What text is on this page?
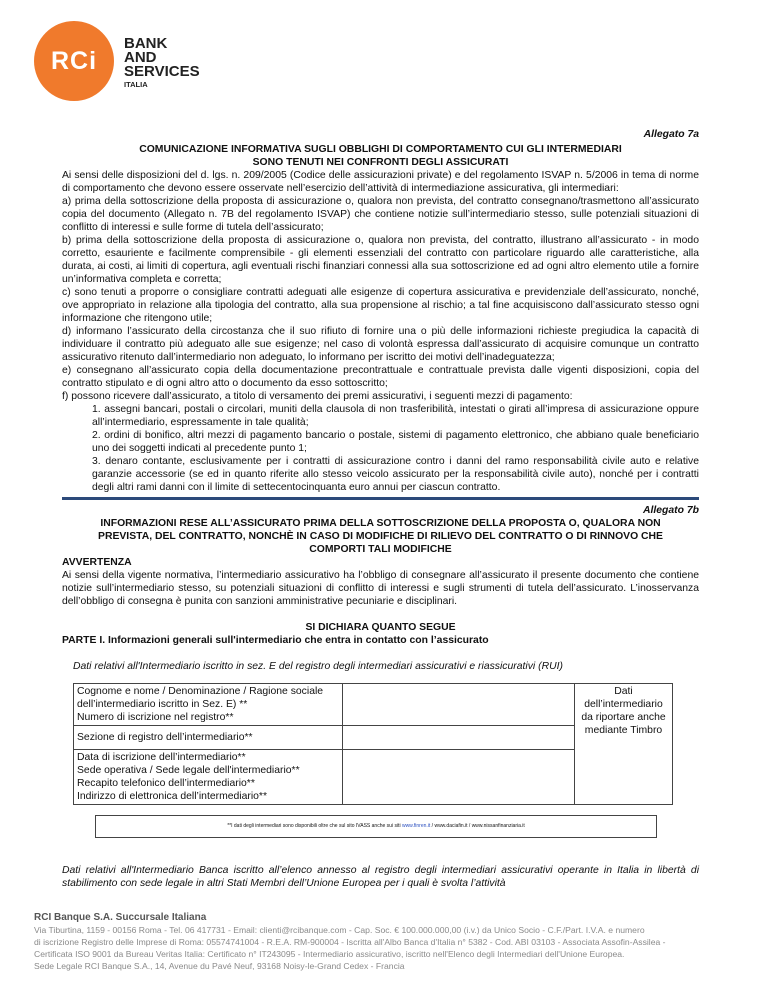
RCi
BANK
AND
SERVICES
ITALIA
Allegato 7a
COMUNICAZIONE INFORMATIVA SUGLI OBBLIGHI DI COMPORTAMENTO CUI GLI INTERMEDIARI
SONO TENUTI NEI CONFRONTI DEGLI ASSICURATI

Ai sensi delle disposizioni del d. lgs. n. 209/2005 (Codice delle assicurazioni private) e del regolamento ISVAP n. 5/2006 in tema di norme di comportamento che devono essere osservate nell’esercizio dell’attività di intermediazione assicurativa, gli intermediari:

a) prima della sottoscrizione della proposta di assicurazione o, qualora non prevista, del contratto consegnano/trasmettono all’assicurato copia del documento (Allegato n. 7B del regolamento ISVAP) che contiene notizie sull’intermediario stesso, sulle potenziali situazioni di conflitto di interessi e sulle forme di tutela dell’assicurato;

b) prima della sottoscrizione della proposta di assicurazione o, qualora non prevista, del contratto, illustrano all’assicurato - in modo corretto, esauriente e facilmente comprensibile - gli elementi essenziali del contratto con particolare riguardo alle caratteristiche, alla durata, ai costi, ai limiti di copertura, agli eventuali rischi finanziari connessi alla sua sottoscrizione ed ad ogni altro elemento utile a fornire un’informativa completa e corretta;

c) sono tenuti a proporre o consigliare contratti adeguati alle esigenze di copertura assicurativa e previdenziale dell’assicurato, nonché, ove appropriato in relazione alla tipologia del contratto, alla sua propensione al rischio; a tal fine acquisiscono dall’assicurato stesso ogni informazione che ritengono utile;

d) informano l’assicurato della circostanza che il suo rifiuto di fornire una o più delle informazioni richieste pregiudica la capacità di individuare il contratto più adeguato alle sue esigenze; nel caso di volontà espressa dall’assicurato di acquisire comunque un contratto assicurativo ritenuto dall’intermediario non adeguato, lo informano per iscritto dei motivi dell’inadeguatezza;

e) consegnano all’assicurato copia della documentazione precontrattuale e contrattuale prevista dalle vigenti disposizioni, copia del contratto stipulato e di ogni altro atto o documento da esso sottoscritto;

f) possono ricevere dall’assicurato, a titolo di versamento dei premi assicurativi, i seguenti mezzi di pagamento:

1. assegni bancari, postali o circolari, muniti della clausola di non trasferibilità, intestati o girati all’impresa di assicurazione oppure all’intermediario, espressamente in tale qualità;

2. ordini di bonifico, altri mezzi di pagamento bancario o postale, sistemi di pagamento elettronico, che abbiano quale beneficiario uno dei soggetti indicati al precedente punto 1;

3. denaro contante, esclusivamente per i contratti di assicurazione contro i danni del ramo responsabilità civile auto e relative garanzie accessorie (se ed in quanto riferite allo stesso veicolo assicurato per la responsabilità civile auto), nonché per i contratti degli altri rami danni con il limite di settecentocinquanta euro annui per ciascun contratto.

Allegato 7b
INFORMAZIONI RESE ALL’ASSICURATO PRIMA DELLA SOTTOSCRIZIONE DELLA PROPOSTA O, QUALORA NON PREVISTA, DEL CONTRATTO, NONCHÈ IN CASO DI MODIFICHE DI RILIEVO DEL CONTRATTO O DI RINNOVO CHE COMPORTI TALI MODIFICHE
AVVERTENZA

Ai sensi della vigente normativa, l’intermediario assicurativo ha l’obbligo di consegnare all’assicurato il presente documento che contiene notizie sull’intermediario stesso, su potenziali situazioni di conflitto di interessi e sugli strumenti di tutela dell’assicurato. L’inosservanza dell’obbligo di consegna è punita con sanzioni amministrative pecuniarie e disciplinari.

SI DICHIARA QUANTO SEGUE
PARTE I. Informazioni generali sull'intermediario che entra in contatto con l’assicurato
Dati relativi all'Intermediario iscritto in sez. E del registro degli intermediari assicurativi e riassicurativi (RUI)
Cognome e nome / Denominazione / Ragione sociale dell’intermediario iscritto in Sez. E) **
Numero di iscrizione nel registro**		Dati dell’intermediario da riportare anche mediante Timbro
Sezione di registro dell’intermediario**		

Data di iscrizione dell’intermediario**
Sede operativa / Sede legale dell'intermediario**
Recapito telefonico dell’intermediario**
Indirizzo di elettronica dell’intermediario**		

**I dati degli intermediari sono disponibili oltre che sul sito IVASS anche sui siti www.finren.it / www.daciafin.it / www.nissanfinanziaria.it

Dati relativi all'Intermediario Banca iscritto all’elenco annesso al registro degli intermediari assicurativi operante in Italia in libertà di stabilimento con sede legale in altri Stati Membri dell’Unione Europea per i quali è svolta l’attività

RCI Banque S.A. Succursale Italiana
Via Tiburtina, 1159 - 00156 Roma - Tel. 06 417731 - Email: clienti@rcibanque.com - Cap. Soc. € 100.000.000,00 (i.v.) da Unico Socio - C.F./Part. I.V.A. e numero
di iscrizione Registro delle Imprese di Roma: 05574741004 - R.E.A. RM-900004 - Iscritta all'Albo Banca d'Italia n° 5382 - Cod. ABI 03103 - Associata Assofin-Assilea -
Certificata ISO 9001 da Bureau Veritas Italia: Certificato n° IT243095 - Intermediario assicurativo, iscritto nell'Elenco degli Intermediari dell'Unione Europea.
Sede Legale RCI Banque S.A., 14, Avenue du Pavé Neuf, 93168 Noisy-le-Grand Cedex - Francia
